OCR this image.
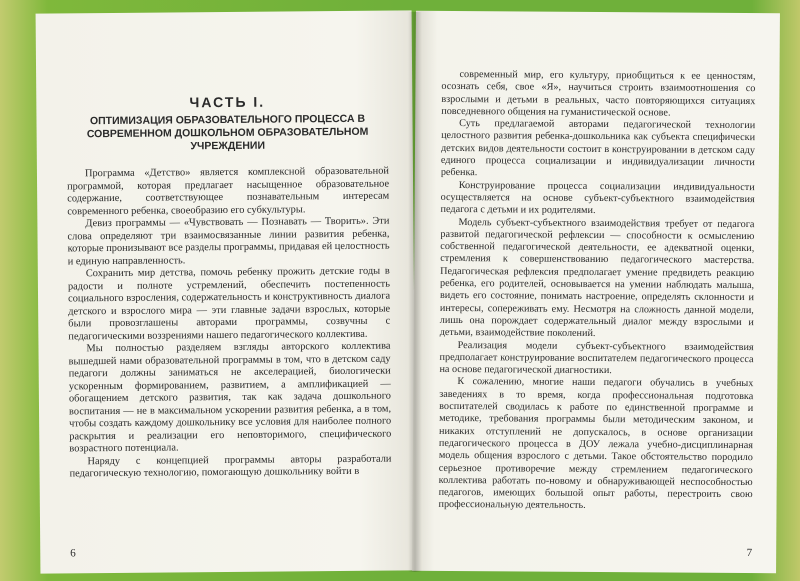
ЧАСТЬ I.
ОПТИМИЗАЦИЯ ОБРАЗОВАТЕЛЬНОГО ПРОЦЕССА В СОВРЕМЕННОМ ДОШКОЛЬНОМ ОБРАЗОВАТЕЛЬНОМ УЧРЕЖДЕНИИ

Программа «Детство» является комплексной образовательной программой, которая предлагает насыщенное образовательное содержание, соответствующее познавательным интересам современного ребенка, своеобразию его субкультуры.

Девиз программы — «Чувствовать — Познавать — Творить». Эти слова определяют три взаимосвязанные линии развития ребенка, которые пронизывают все разделы программы, придавая ей целостность и единую направленность.

Сохранить мир детства, помочь ребенку прожить детские годы в радости и полноте устремлений, обеспечить постепенность социального взросления, содержательность и конструктивность диалога детского и взрослого мира — эти главные задачи взрослых, которые были провозглашены авторами программы, созвучны с педагогическими воззрениями нашего педагогического коллектива.

Мы полностью разделяем взгляды авторского коллектива вышедшей нами образовательной программы в том, что в детском саду педагоги должны заниматься не акселерацией, биологически ускоренным формированием, развитием, а амплификацией — обогащением детского развития, так как задача дошкольного воспитания — не в максимальном ускорении развития ребенка, а в том, чтобы создать каждому дошкольнику все условия для наиболее полного раскрытия и реализации его неповторимого, специфического возрастного потенциала.

Наряду с концепцией программы авторы разработали педагогическую технологию, помогающую дошкольнику войти в

6

современный мир, его культуру, приобщиться к ее ценностям, осознать себя, свое «Я», научиться строить взаимоотношения со взрослыми и детьми в реальных, часто повторяющихся ситуациях повседневного общения на гуманистической основе.

Суть предлагаемой авторами педагогической технологии целостного развития ребенка-дошкольника как субъекта специфически детских видов деятельности состоит в конструировании в детском саду единого процесса социализации и индивидуализации личности ребенка.

Конструирование процесса социализации индивидуальности осуществляется на основе субъект-субъектного взаимодействия педагога с детьми и их родителями.

Модель субъект-субъектного взаимодействия требует от педагога развитой педагогической рефлексии — способности к осмыслению собственной педагогической деятельности, ее адекватной оценки, стремления к совершенствованию педагогического мастерства. Педагогическая рефлексия предполагает умение предвидеть реакцию ребенка, его родителей, основывается на умении наблюдать малыша, видеть его состояние, понимать настроение, определять склонности и интересы, сопереживать ему. Несмотря на сложность данной модели, лишь она порождает содержательный диалог между взрослыми и детьми, взаимодействие поколений.

Реализация модели субъект-субъектного взаимодействия предполагает конструирование воспитателем педагогического процесса на основе педагогической диагностики.

К сожалению, многие наши педагоги обучались в учебных заведениях в то время, когда профессиональная подготовка воспитателей сводилась к работе по единственной программе и методике, требования программы были методическим законом, и никаких отступлений не допускалось, в основе организации педагогического процесса в ДОУ лежала учебно-дисциплинарная модель общения взрослого с детьми. Такое обстоятельство породило серьезное противоречие между стремлением педагогического коллектива работать по-новому и обнаруживающей неспособностью педагогов, имеющих большой опыт работы, перестроить свою профессиональную деятельность.

7
